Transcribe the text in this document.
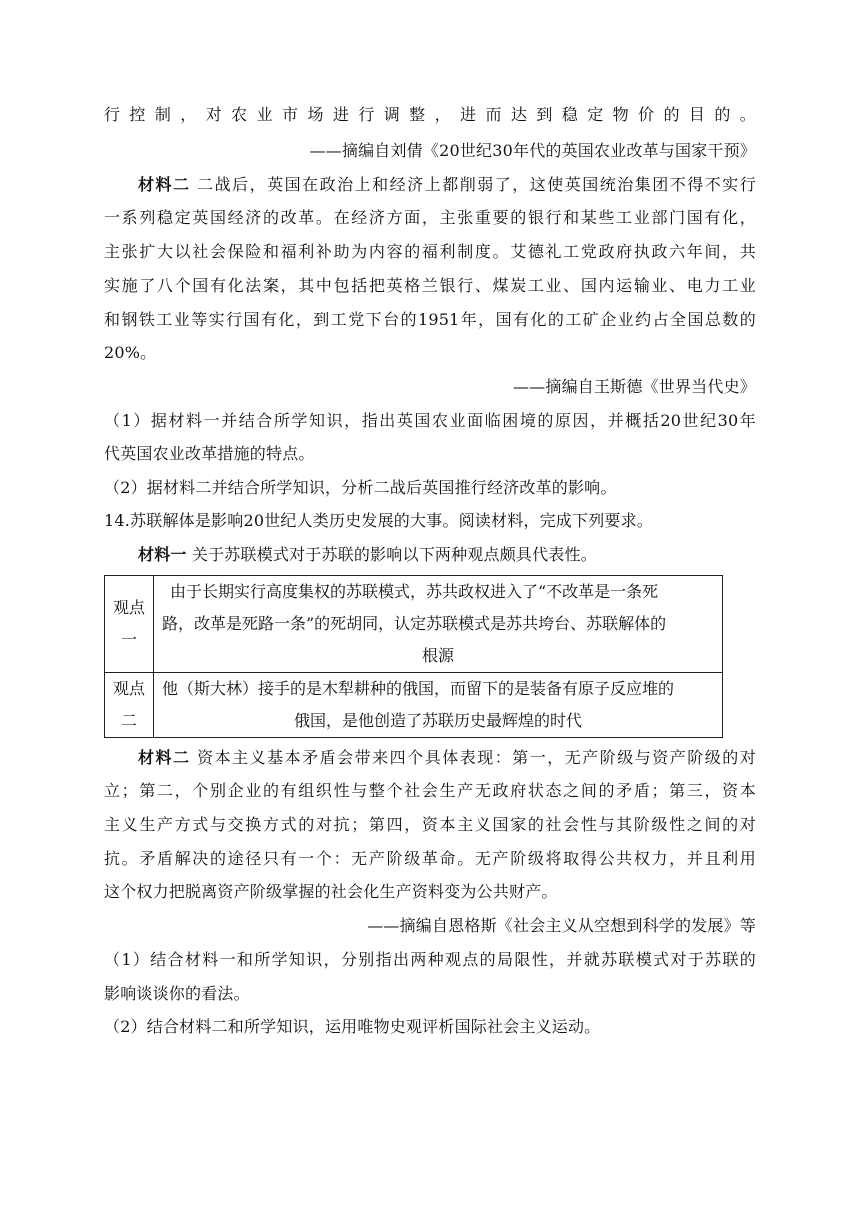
行控制，对农业市场进行调整，进而达到稳定物价的目的。
——摘编自刘倩《20世纪30年代的英国农业改革与国家干预》
材料二 二战后，英国在政治上和经济上都削弱了，这使英国统治集团不得不实行
一系列稳定英国经济的改革。在经济方面，主张重要的银行和某些工业部门国有化，
主张扩大以社会保险和福利补助为内容的福利制度。艾德礼工党政府执政六年间，共
实施了八个国有化法案，其中包括把英格兰银行、煤炭工业、国内运输业、电力工业
和钢铁工业等实行国有化，到工党下台的1951年，国有化的工矿企业约占全国总数的
20%。
——摘编自王斯德《世界当代史》
（1）据材料一并结合所学知识，指出英国农业面临困境的原因，并概括20世纪30年
代英国农业改革措施的特点。
（2）据材料二并结合所学知识，分析二战后英国推行经济改革的影响。
14.苏联解体是影响20世纪人类历史发展的大事。阅读材料，完成下列要求。
材料一 关于苏联模式对于苏联的影响以下两种观点颇具代表性。
观点
一	由于长期实行高度集权的苏联模式，苏共政权进入了“不改革是一条死
路，改革是死路一条”的死胡同，认定苏联模式是苏共垮台、苏联解体的
根源

观点
二	他（斯大林）接手的是木犁耕种的俄国，而留下的是装备有原子反应堆的
俄国，是他创造了苏联历史最辉煌的时代
材料二 资本主义基本矛盾会带来四个具体表现：第一，无产阶级与资产阶级的对
立；第二，个别企业的有组织性与整个社会生产无政府状态之间的矛盾；第三，资本
主义生产方式与交换方式的对抗；第四，资本主义国家的社会性与其阶级性之间的对
抗。矛盾解决的途径只有一个：无产阶级革命。无产阶级将取得公共权力，并且利用
这个权力把脱离资产阶级掌握的社会化生产资料变为公共财产。
——摘编自恩格斯《社会主义从空想到科学的发展》等
（1）结合材料一和所学知识，分别指出两种观点的局限性，并就苏联模式对于苏联的
影响谈谈你的看法。
（2）结合材料二和所学知识，运用唯物史观评析国际社会主义运动。
